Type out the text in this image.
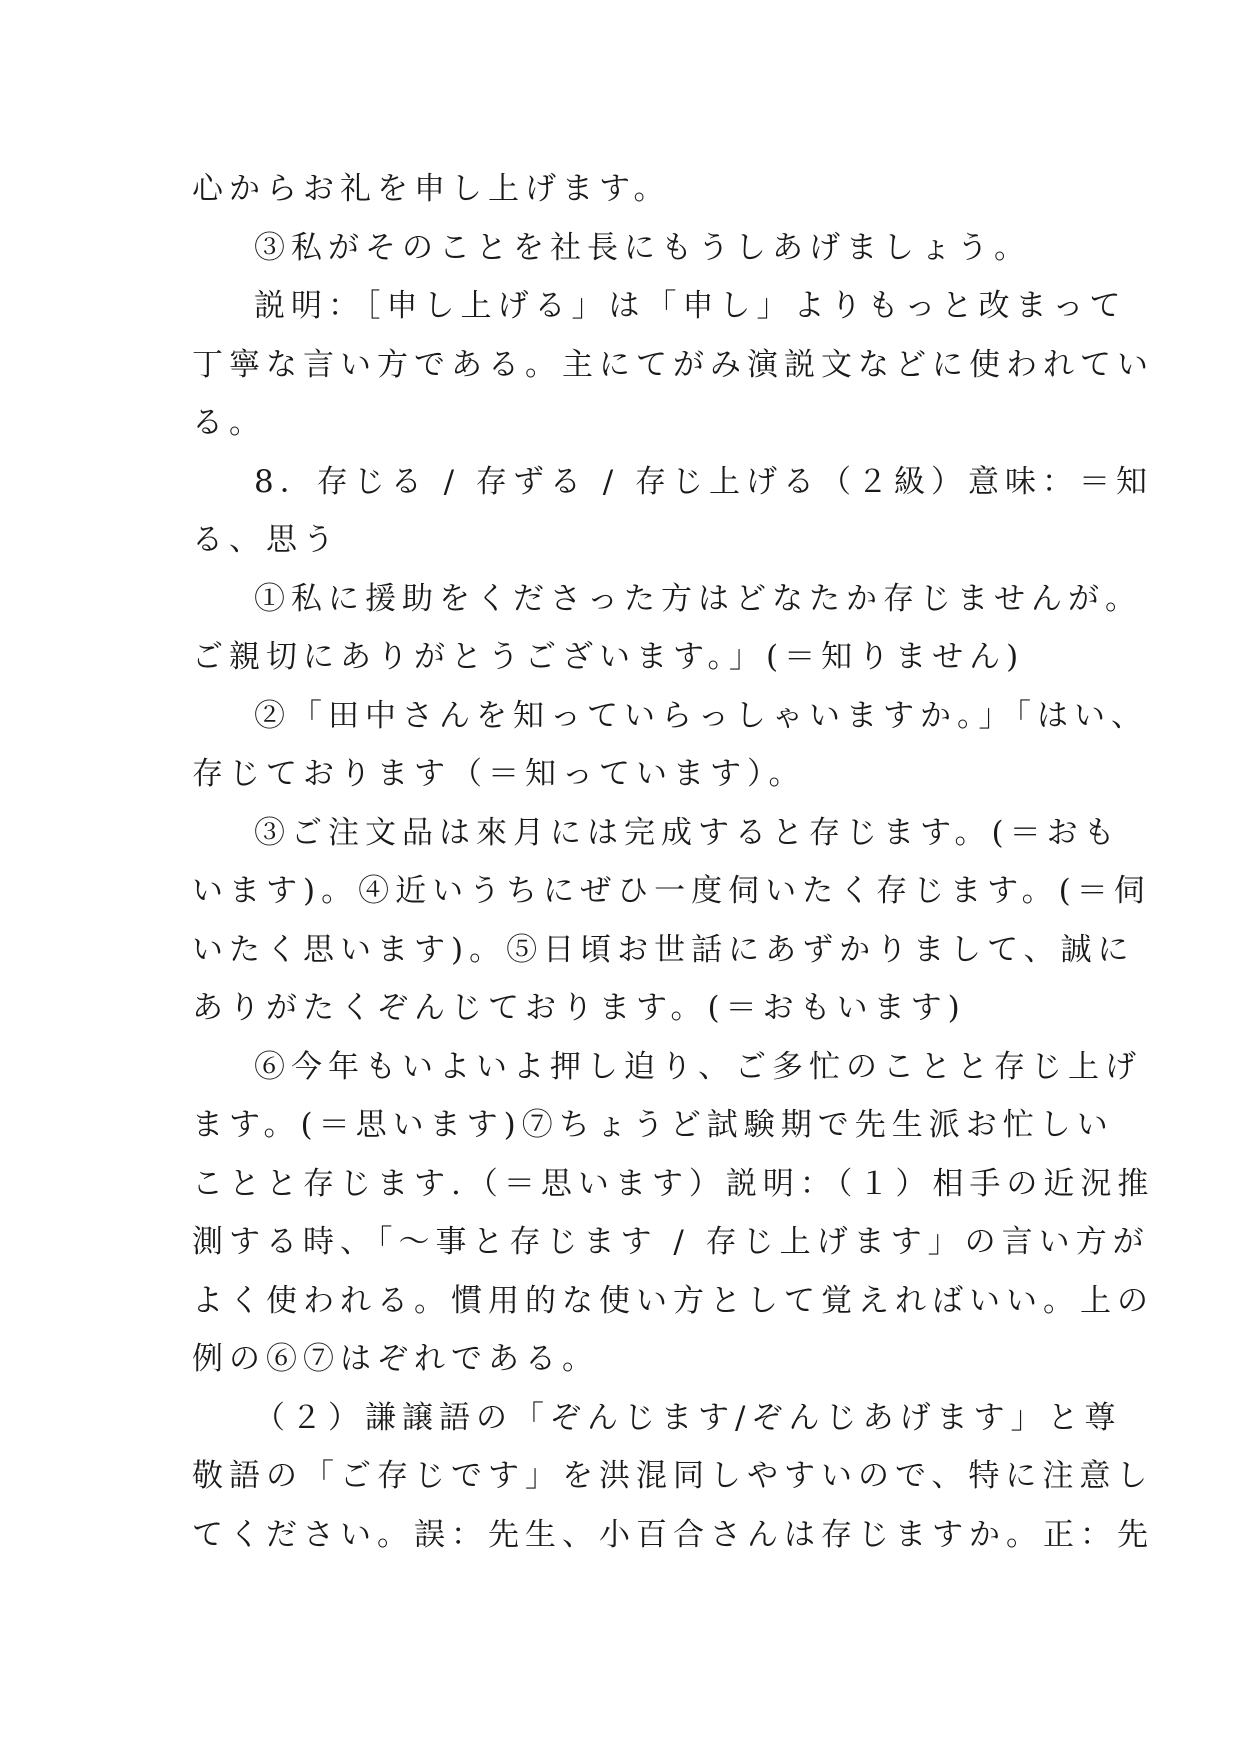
心からお礼を申し上げます。
③私がそのことを社長にもうしあげましょう。
説明：［申し上げる」は「申し」よりもっと改まって
丁寧な言い方である。主にてがみ演説文などに使われてい
る。
8．存じる / 存ずる / 存じ上げる（２級）意味：＝知
る、思う
①私に援助をくださった方はどなたか存じませんが。
ご親切にありがとうございます。」(＝知りません)
②「田中さんを知っていらっしゃいますか。」「はい、
存じております（＝知っています）。
③ご注文品は來月には完成すると存じます。(＝おも
います)。④近いうちにぜひ一度伺いたく存じます。(＝伺
いたく思います)。⑤日頃お世話にあずかりまして、誠に
ありがたくぞんじております。(＝おもいます)
⑥今年もいよいよ押し迫り、ご多忙のことと存じ上げ
ます。(＝思います)⑦ちょうど試験期で先生派お忙しい
ことと存じます.（＝思います）説明：（１）相手の近況推
測する時、「～事と存じます / 存じ上げます」の言い方が
よく使われる。慣用的な使い方として覚えればいい。上の
例の⑥⑦はぞれである。
（２）謙譲語の「ぞんじます/ぞんじあげます」と尊
敬語の「ご存じです」を洪混同しやすいので、特に注意し
てください。誤：先生、小百合さんは存じますか。正：先
